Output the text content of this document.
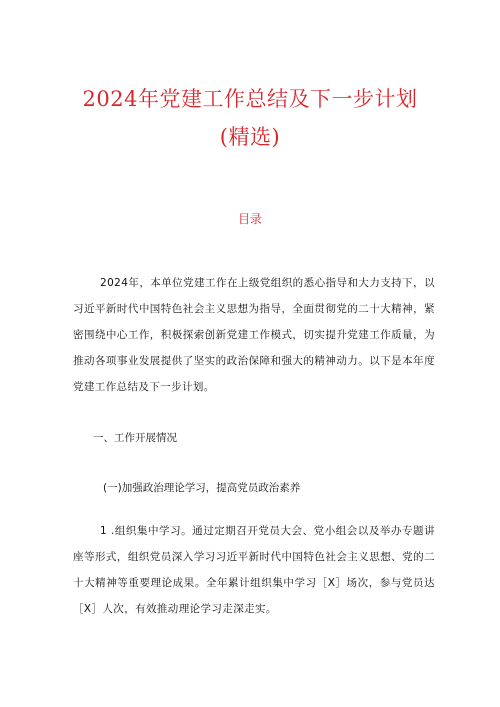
2024年党建工作总结及下一步计划
(精选)
目录
2024年，本单位党建工作在上级党组织的悉心指导和大力支持下，以习近平新时代中国特色社会主义思想为指导，全面贯彻党的二十大精神，紧密围绕中心工作，积极探索创新党建工作模式，切实提升党建工作质量，为推动各项事业发展提供了坚实的政治保障和强大的精神动力。以下是本年度党建工作总结及下一步计划。
一、工作开展情况
(一)加强政治理论学习，提高党员政治素养
1 .组织集中学习。通过定期召开党员大会、党小组会以及举办专题讲座等形式，组织党员深入学习习近平新时代中国特色社会主义思想、党的二十大精神等重要理论成果。全年累计组织集中学习［X］场次，参与党员达［X］人次，有效推动理论学习走深走实。
